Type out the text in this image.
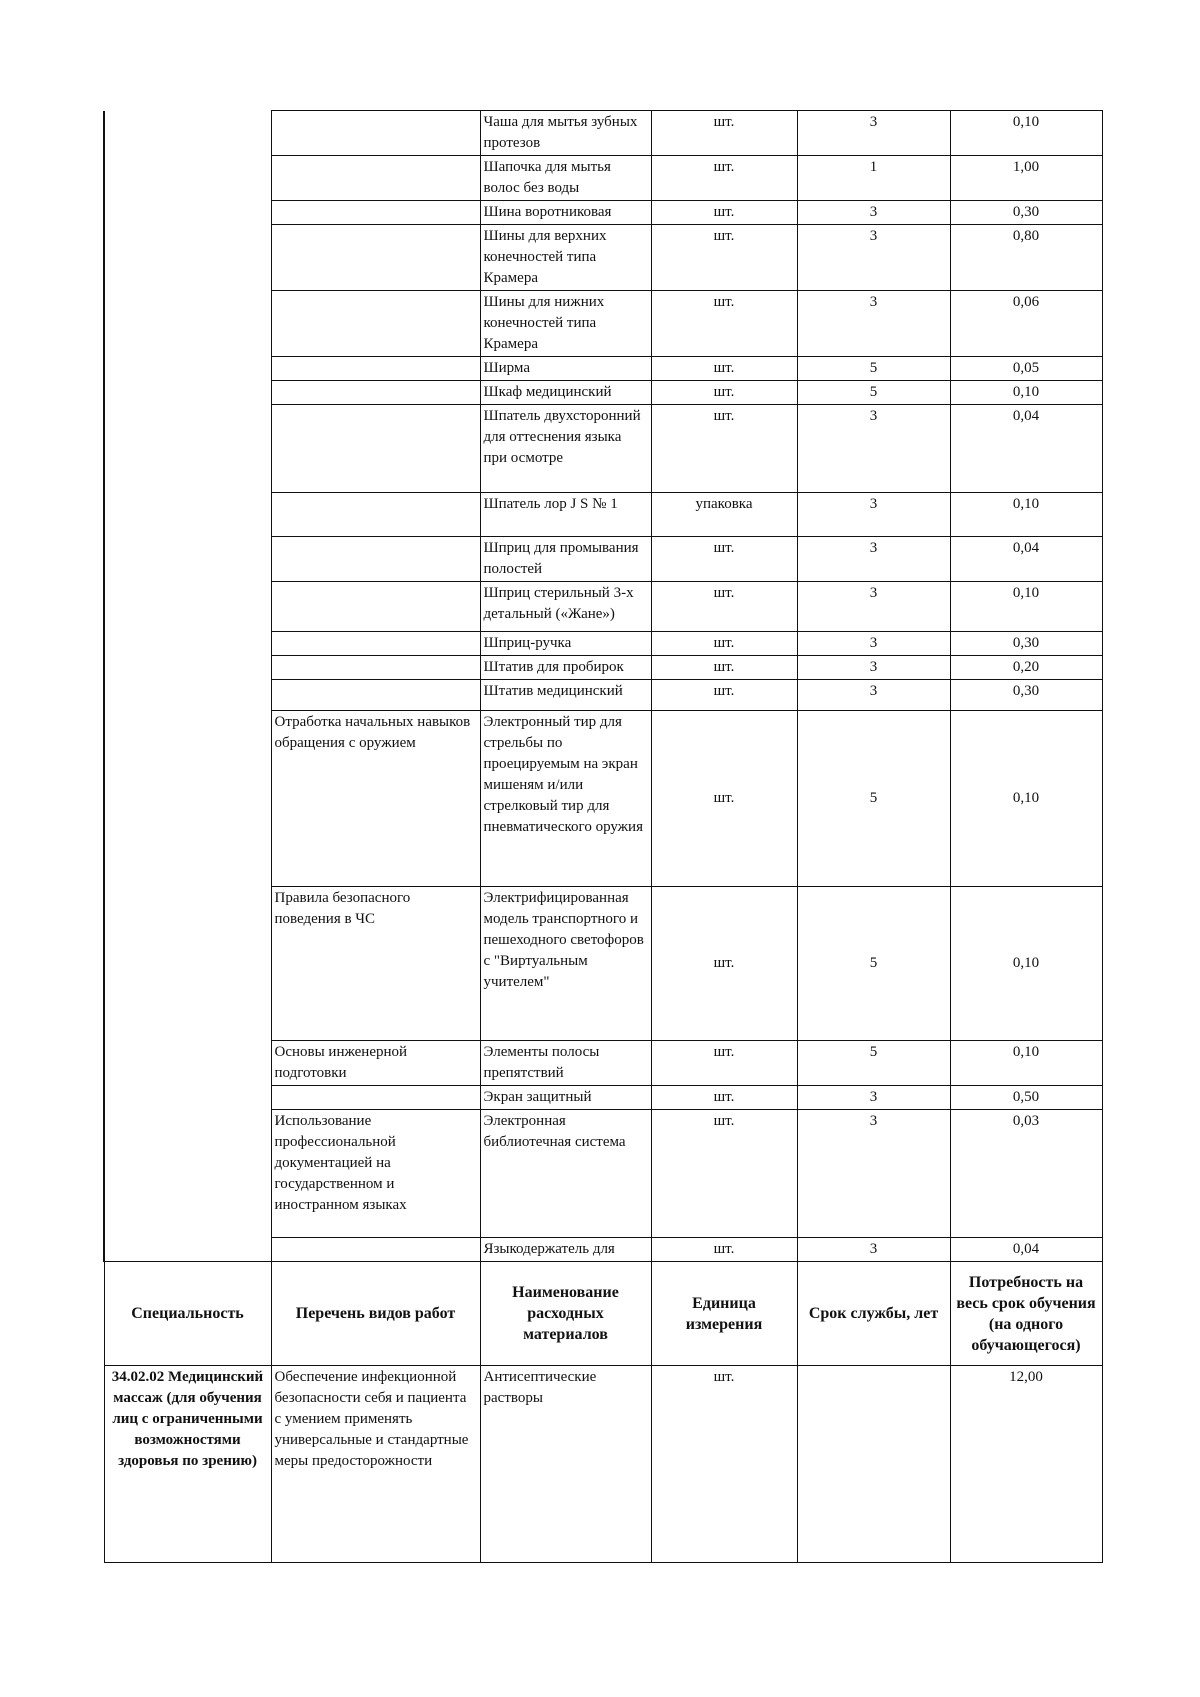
		Чаша для мытья зубных протезов	шт.	3	0,10
		Шапочка для мытья волос без воды	шт.	1	1,00
		Шина воротниковая	шт.	3	0,30
		Шины для верхних конечностей типа Крамера	шт.	3	0,80
		Шины для нижних конечностей типа Крамера	шт.	3	0,06
		Ширма	шт.	5	0,05
		Шкаф медицинский	шт.	5	0,10
		Шпатель двухсторонний для оттеснения языка при осмотре	шт.	3	0,04
		Шпатель лор J S № 1	упаковка	3	0,10
		Шприц для промывания полостей	шт.	3	0,04
		Шприц стерильный 3-х детальный («Жане»)	шт.	3	0,10
		Шприц-ручка	шт.	3	0,30
		Штатив для пробирок	шт.	3	0,20
		Штатив медицинский	шт.	3	0,30
	Отработка начальных навыков обращения с оружием	Электронный тир для стрельбы по проецируемым на экран мишеням и/или стрелковый тир для пневматического оружия	шт.	5	0,10
	Правила безопасного поведения в ЧС	Электрифицированная модель транспортного и пешеходного светофоров с "Виртуальным учителем"	шт.	5	0,10
	Основы инженерной подготовки	Элементы полосы препятствий	шт.	5	0,10
		Экран защитный	шт.	3	0,50
	Использование профессиональной документацией на государственном и иностранном языках	Электронная библиотечная система	шт.	3	0,03
		Языкодержатель для	шт.	3	0,04
Специальность	Перечень видов работ	Наименование расходных материалов	Единица измерения	Срок службы, лет	Потребность на весь срок обучения (на одного обучающегося)
34.02.02 Медицинский массаж (для обучения лиц с ограниченными возможностями здоровья по зрению)	Обеспечение инфекционной безопасности себя и пациента с умением применять универсальные и стандартные меры предосторожности	Антисептические растворы	шт.		12,00
